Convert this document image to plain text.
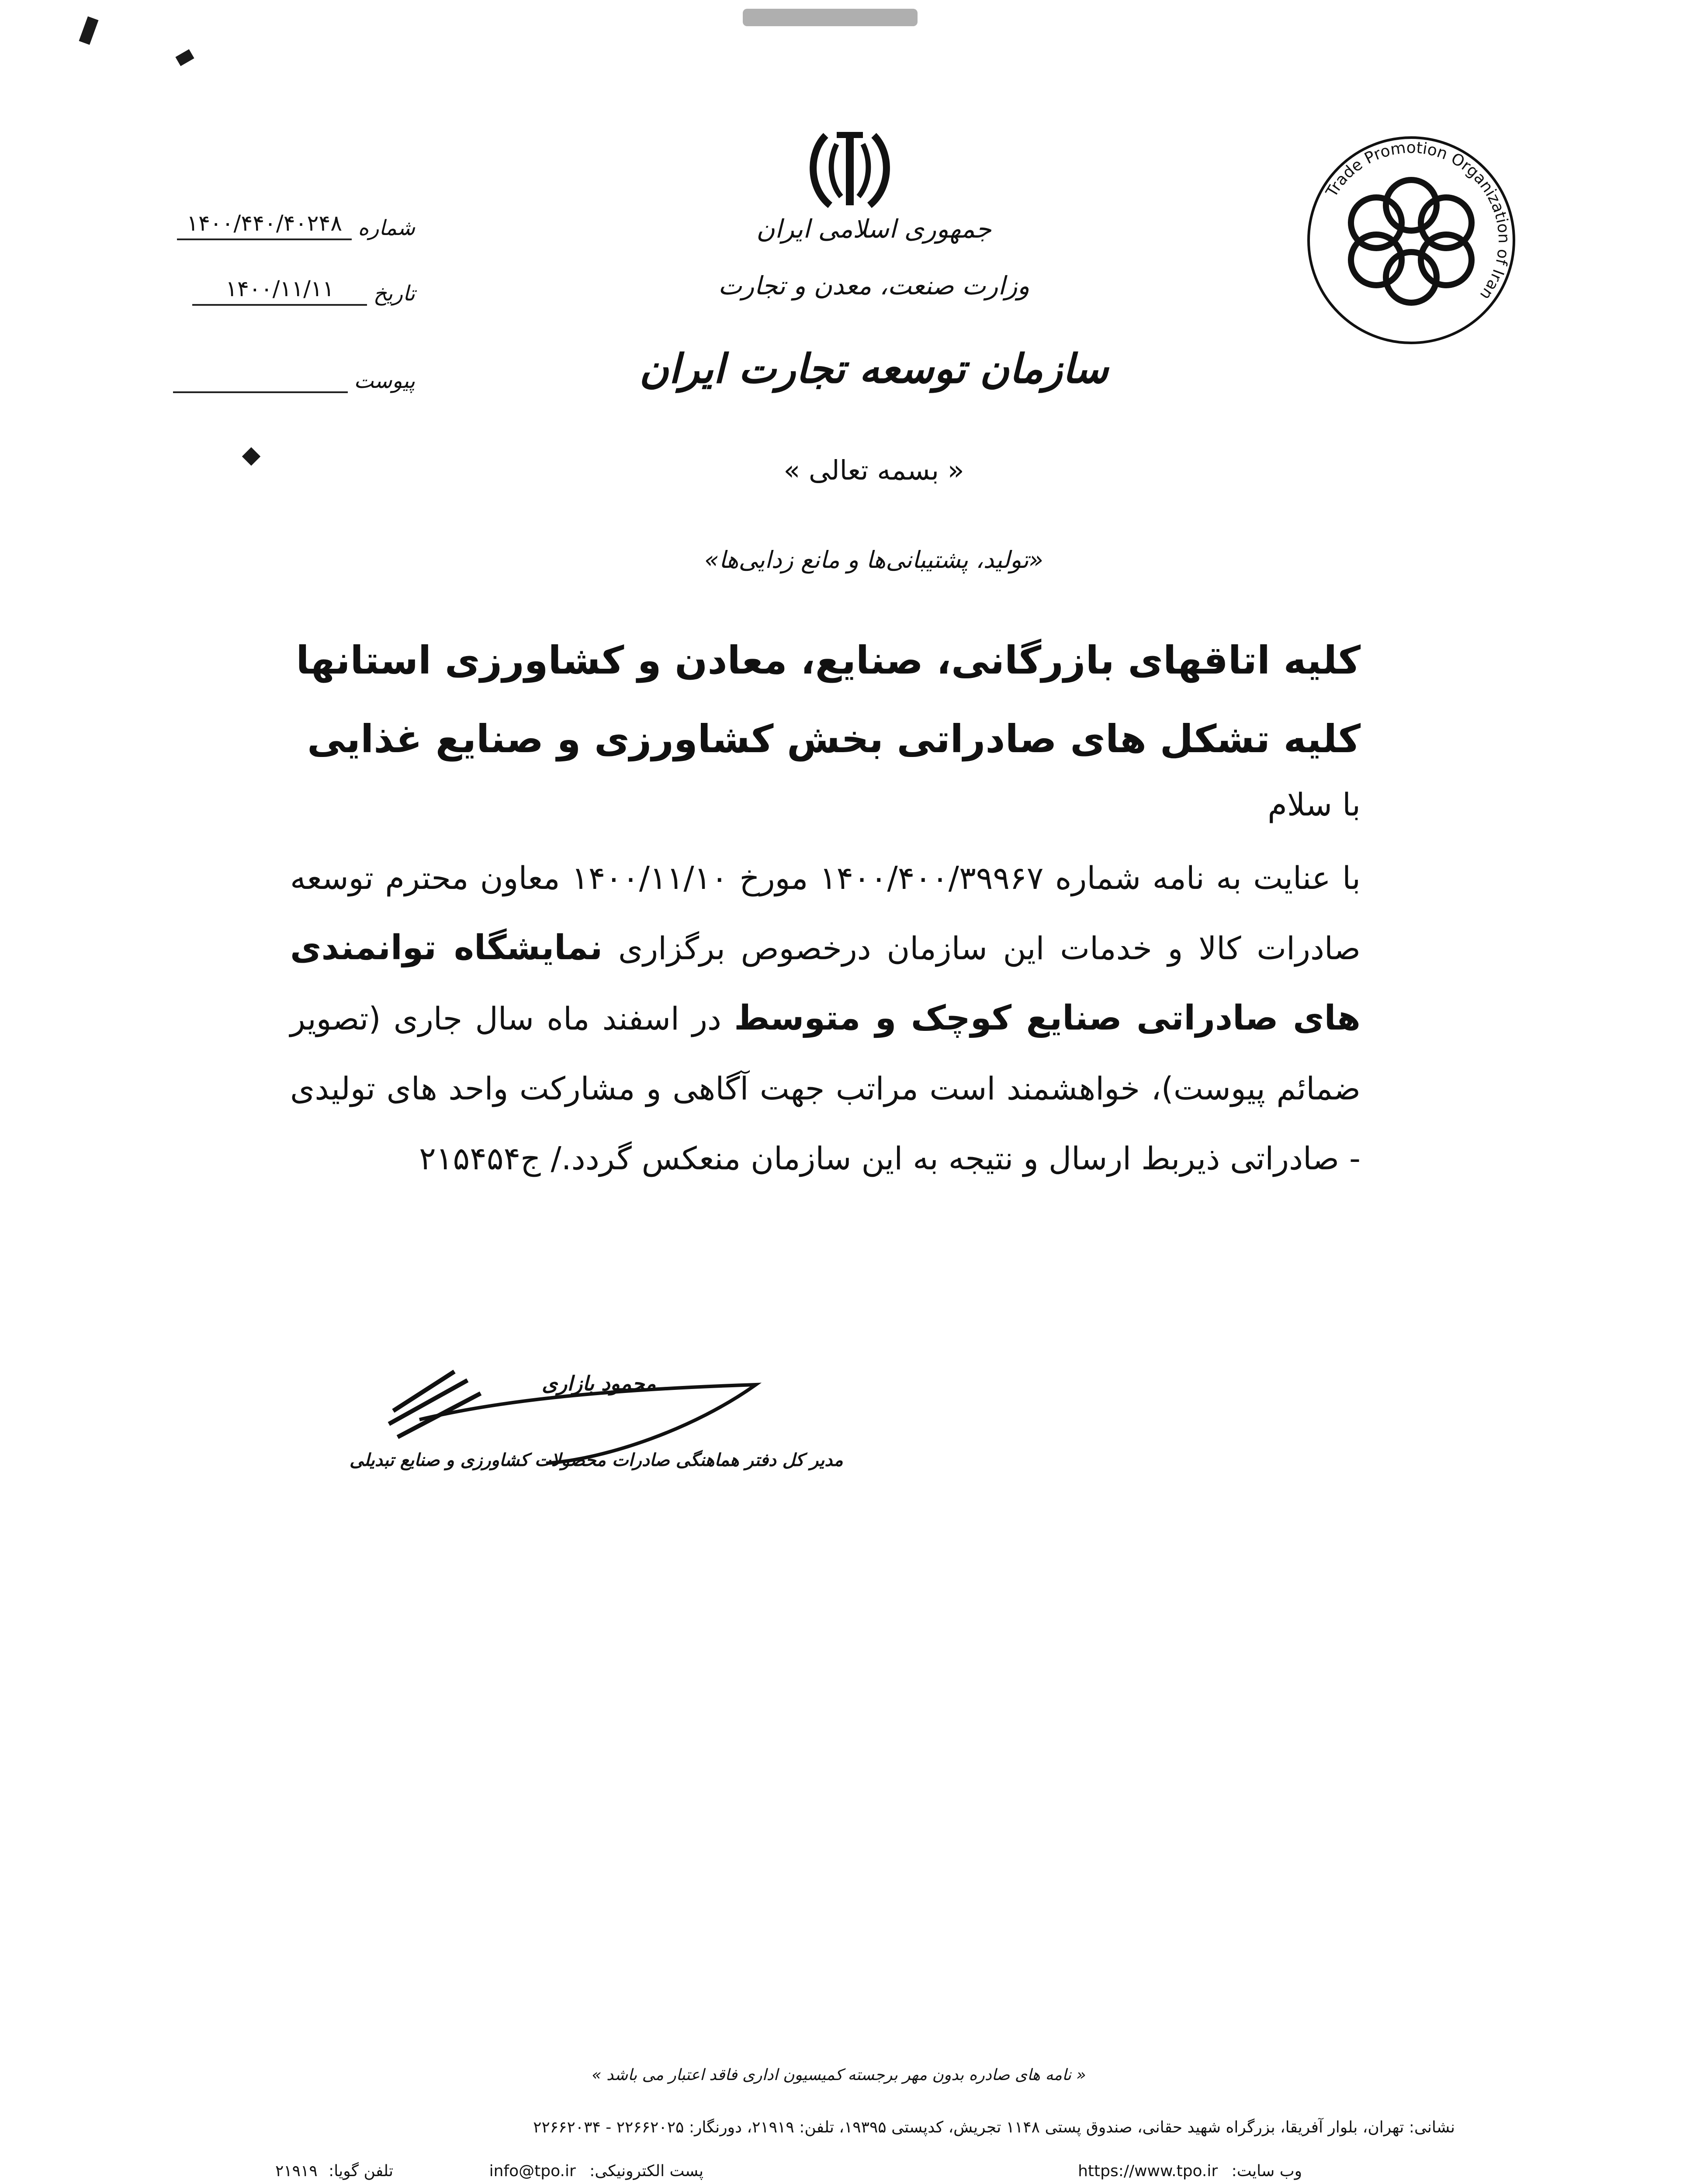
شماره
۱۴۰۰/۴۴۰/۴۰۲۴۸
تاریخ
۱۴۰۰/۱۱/۱۱
پیوست
جمهوری اسلامی ایران
وزارت صنعت، معدن و تجارت
سازمان توسعه تجارت ایران
« بسمه تعالی »
«تولید، پشتیبانی‌ها و مانع زدایی‌ها»
Trade Promotion Organization of Iran
کلیه اتاقهای بازرگانی، صنایع، معادن و کشاورزی استانها
کلیه تشکل های صادراتی بخش کشاورزی و صنایع غذایی
با سلام
با عنایت به نامه شماره ۱۴۰۰/۴۰۰/۳۹۹۶۷ مورخ ۱۴۰۰/۱۱/۱۰ معاون محترم توسعه صادرات کالا و خدمات این سازمان درخصوص برگزاری نمایشگاه توانمندی های صادراتی صنایع کوچک و متوسط در اسفند ماه سال جاری (تصویر ضمائم پیوست)، خواهشمند است مراتب جهت آگاهی و مشارکت واحد های تولیدی - صادراتی ذیربط ارسال و نتیجه به این سازمان منعکس گردد./ ج۲۱۵۴۵۴
محمود بازاری
مدیر کل دفتر هماهنگی صادرات محصولات کشاورزی و صنایع تبدیلی
« نامه های صادره بدون مهر برجسته کمیسیون اداری فاقد اعتبار می باشد »
نشانی: تهران، بلوار آفریقا، بزرگراه شهید حقانی، صندوق پستی ۱۱۴۸ تجریش، کدپستی ۱۹۳۹۵، تلفن: ۲۱۹۱۹، دورنگار: ۲۲۶۶۲۰۲۵ - ۲۲۶۶۲۰۳۴
وب سایت: https://www.tpo.ir
پست الکترونیکی: info@tpo.ir
تلفن گویا: ۲۱۹۱۹
